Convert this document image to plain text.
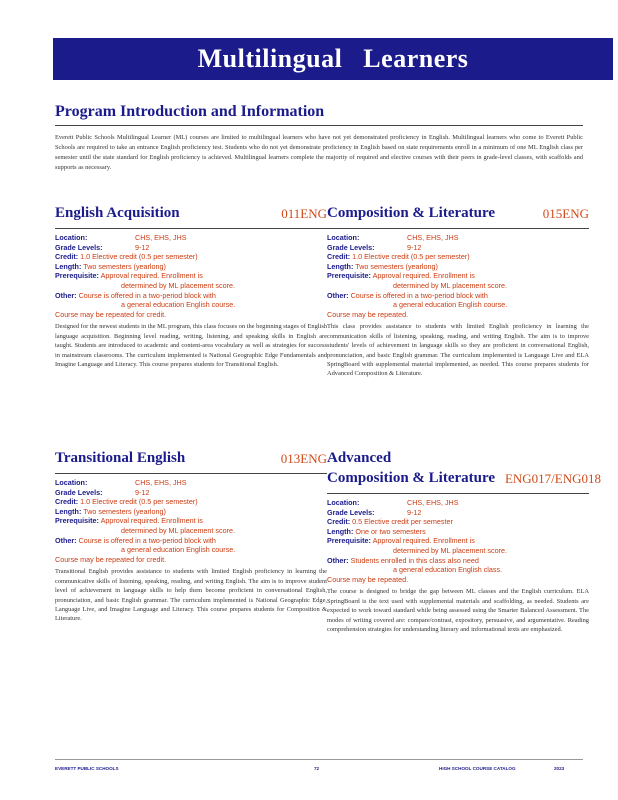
Multilingual Learners
Program Introduction and Information
Everett Public Schools Multilingual Learner (ML) courses are limited to multilingual learners who have not yet demonstrated proficiency in English. Multilingual learners who come to Everett Public Schools are required to take an entrance English proficiency test. Students who do not yet demonstrate proficiency in English based on state requirements enroll in a minimum of one ML English class per semester until the state standard for English proficiency is achieved. Multilingual learners complete the majority of required and elective courses with their peers in grade-level classes, with scaffolds and supports as necessary.
English Acquisition	011ENG
Location:	CHS, EHS, JHS
Grade Levels:	9-12
Credit: 1.0 Elective credit (0.5 per semester)
Length: Two semesters (yearlong)
Prerequisite: Approval required. Enrollment is
determined by ML placement score.
Other: Course is offered in a two-period block with
a general education English course.
Course may be repeated for credit.
Designed for the newest students in the ML program, this class focuses on the beginning stages of English language acquisition. Beginning level reading, writing, listening, and speaking skills in English are taught. Students are introduced to academic and content-area vocabulary as well as strategies for success in mainstream classrooms. The curriculum implemented is National Geographic Edge Fundamentals and Imagine Language and Literacy. This course prepares students for Transitional English.
Composition & Literature	015ENG
Location:	CHS, EHS, JHS
Grade Levels:	9-12
Credit: 1.0 Elective credit (0.5 per semester)
Length: Two semesters (yearlong)
Prerequisite: Approval required. Enrollment is
determined by ML placement score.
Other: Course is offered in a two-period block with
a general education English course.
Course may be repeated.
This class provides assistance to students with limited English proficiency in learning the communication skills of listening, speaking, reading, and writing English. The aim is to improve students' levels of achievement in language skills so they are proficient in conversational English, pronunciation, and basic English grammar. The curriculum implemented is Language Live and ELA SpringBoard with supplemental material implemented, as needed. This course prepares students for Advanced Composition & Literature.
Transitional English	013ENG
Location:	CHS, EHS, JHS
Grade Levels:	9-12
Credit: 1.0 Elective credit (0.5 per semester)
Length: Two semesters (yearlong)
Prerequisite: Approval required. Enrollment is
determined by ML placement score.
Other: Course is offered in a two-period block with
a general education English course.
Course may be repeated for credit.
Transitional English provides assistance to students with limited English proficiency in learning the communicative skills of listening, speaking, reading, and writing English. The aim is to improve student level of achievement in language skills to help them become proficient in conversational English, pronunciation, and basic English grammar. The curriculum implemented is National Geographic Edge, Language Live, and Imagine Language and Literacy. This course prepares students for Composition & Literature.
Advanced
Composition & Literature ENG017/ENG018
Location:	CHS, EHS, JHS
Grade Levels:	9-12
Credit: 0.5 Elective credit per semester
Length: One or two semesters
Prerequisite: Approval required. Enrollment is
determined by ML placement score.
Other: Students enrolled in this class also need
a general education English class.
Course may be repeated.
The course is designed to bridge the gap between ML classes and the English curriculum. ELA SpringBoard is the text used with supplemental materials and scaffolding, as needed. Students are expected to work toward standard while being assessed using the Smarter Balanced Assessment. The modes of writing covered are: compare/contrast, expository, persuasive, and argumentative. Reading comprehension strategies for understanding literary and informational texts are emphasized.
EVERETT PUBLIC SCHOOLS	72	HIGH SCHOOL COURSE CATALOG	2023
